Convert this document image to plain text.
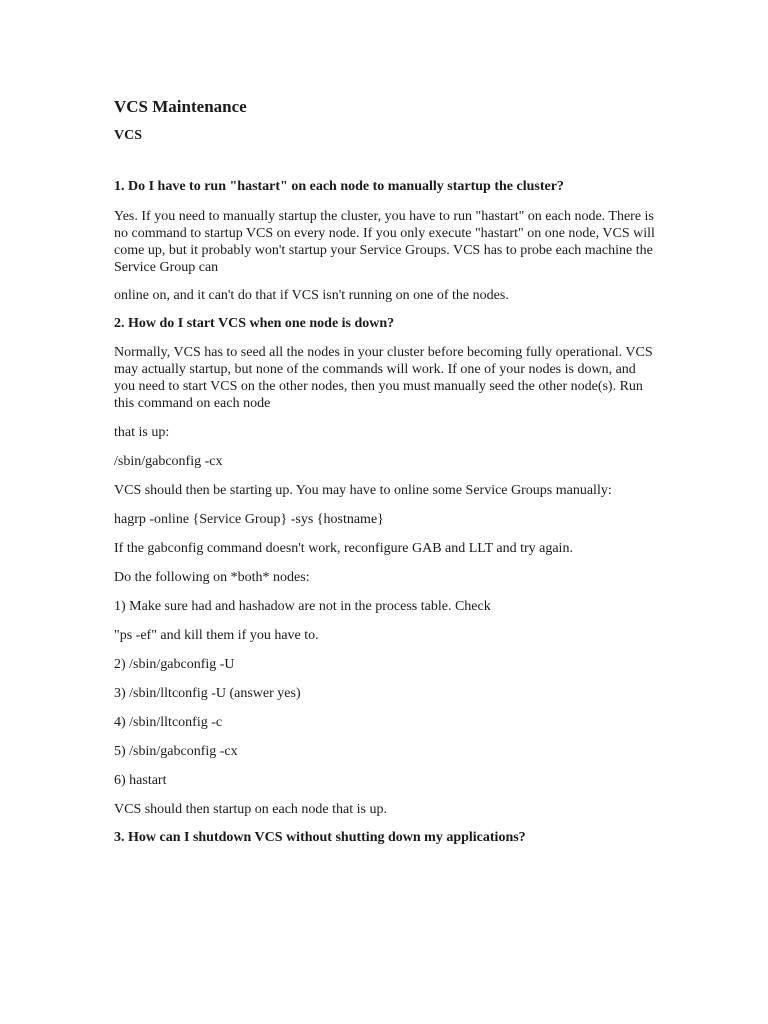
VCS Maintenance

VCS

1. Do I have to run "hastart" on each node to manually startup the cluster?

Yes. If you need to manually startup the cluster, you have to run "hastart" on each node. There is no command to startup VCS on every node. If you only execute "hastart" on one node, VCS will come up, but it probably won't startup your Service Groups. VCS has to probe each machine the Service Group can

online on, and it can't do that if VCS isn't running on one of the nodes.

2. How do I start VCS when one node is down?

Normally, VCS has to seed all the nodes in your cluster before becoming fully operational. VCS may actually startup, but none of the commands will work. If one of your nodes is down, and you need to start VCS on the other nodes, then you must manually seed the other node(s). Run this command on each node

that is up:

/sbin/gabconfig -cx

VCS should then be starting up. You may have to online some Service Groups manually:

hagrp -online {Service Group} -sys {hostname}

If the gabconfig command doesn't work, reconfigure GAB and LLT and try again.

Do the following on *both* nodes:

1) Make sure had and hashadow are not in the process table. Check

"ps -ef" and kill them if you have to.

2) /sbin/gabconfig -U

3) /sbin/lltconfig -U (answer yes)

4) /sbin/lltconfig -c

5) /sbin/gabconfig -cx

6) hastart

VCS should then startup on each node that is up.

3. How can I shutdown VCS without shutting down my applications?
